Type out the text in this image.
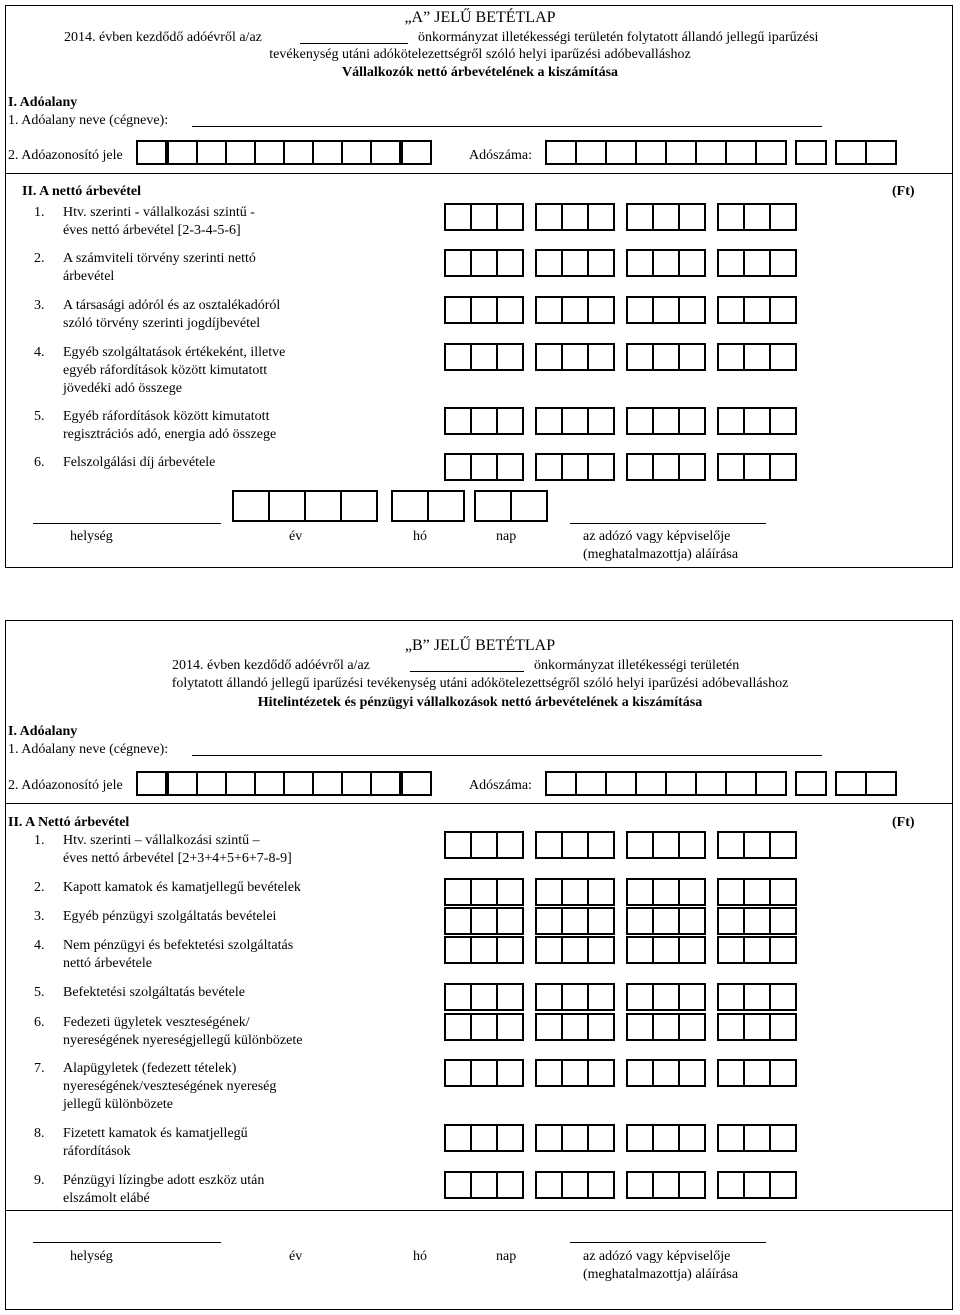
„A” JELŰ BETÉTLAP
2014. évben kezdődő adóévről a/az	önkormányzat illetékességi területén folytatott állandó jellegű iparűzési
tevékenység utáni adókötelezettségről szóló helyi iparűzési adóbevalláshoz
Vállalkozók nettó árbevételének a kiszámítása
I. Adóalany
1. Adóalany neve (cégneve):
2. Adóazonosító jele	Adószáma:
II. A nettó árbevétel	(Ft)
1. Htv. szerinti - vállalkozási szintű -
éves nettó árbevétel [2-3-4-5-6]
2. A számviteli törvény szerinti nettó
árbevétel
3. A társasági adóról és az osztalékadóról
szóló törvény szerinti jogdíjbevétel
4. Egyéb szolgáltatások értékeként, illetve
egyéb ráfordítások között kimutatott
jövedéki adó összege
5. Egyéb ráfordítások között kimutatott
regisztrációs adó, energia adó összege
6. Felszolgálási díj árbevétele
helység	év	hó	nap	az adózó vagy képviselője
(meghatalmazottja) aláírása
„B” JELŰ BETÉTLAP
2014. évben kezdődő adóévről a/az	önkormányzat illetékességi területén
folytatott állandó jellegű iparűzési tevékenység utáni adókötelezettségről szóló helyi iparűzési adóbevalláshoz
Hitelintézetek és pénzügyi vállalkozások nettó árbevételének a kiszámítása
I. Adóalany
1. Adóalany neve (cégneve):
2. Adóazonosító jele	Adószáma:
II. A Nettó árbevétel	(Ft)
1. Htv. szerinti – vállalkozási szintű –
éves nettó árbevétel [2+3+4+5+6+7-8-9]
2. Kapott kamatok és kamatjellegű bevételek
3. Egyéb pénzügyi szolgáltatás bevételei
4. Nem pénzügyi és befektetési szolgáltatás
nettó árbevétele
5. Befektetési szolgáltatás bevétele
6. Fedezeti ügyletek veszteségének/
nyereségének nyereségjellegű különbözete
7. Alapügyletek (fedezett tételek)
nyereségének/veszteségének nyereség
jellegű különbözete
8. Fizetett kamatok és kamatjellegű
ráfordítások
9. Pénzügyi lízingbe adott eszköz után
elszámolt elábé
helység	év	hó	nap	az adózó vagy képviselője
(meghatalmazottja) aláírása
